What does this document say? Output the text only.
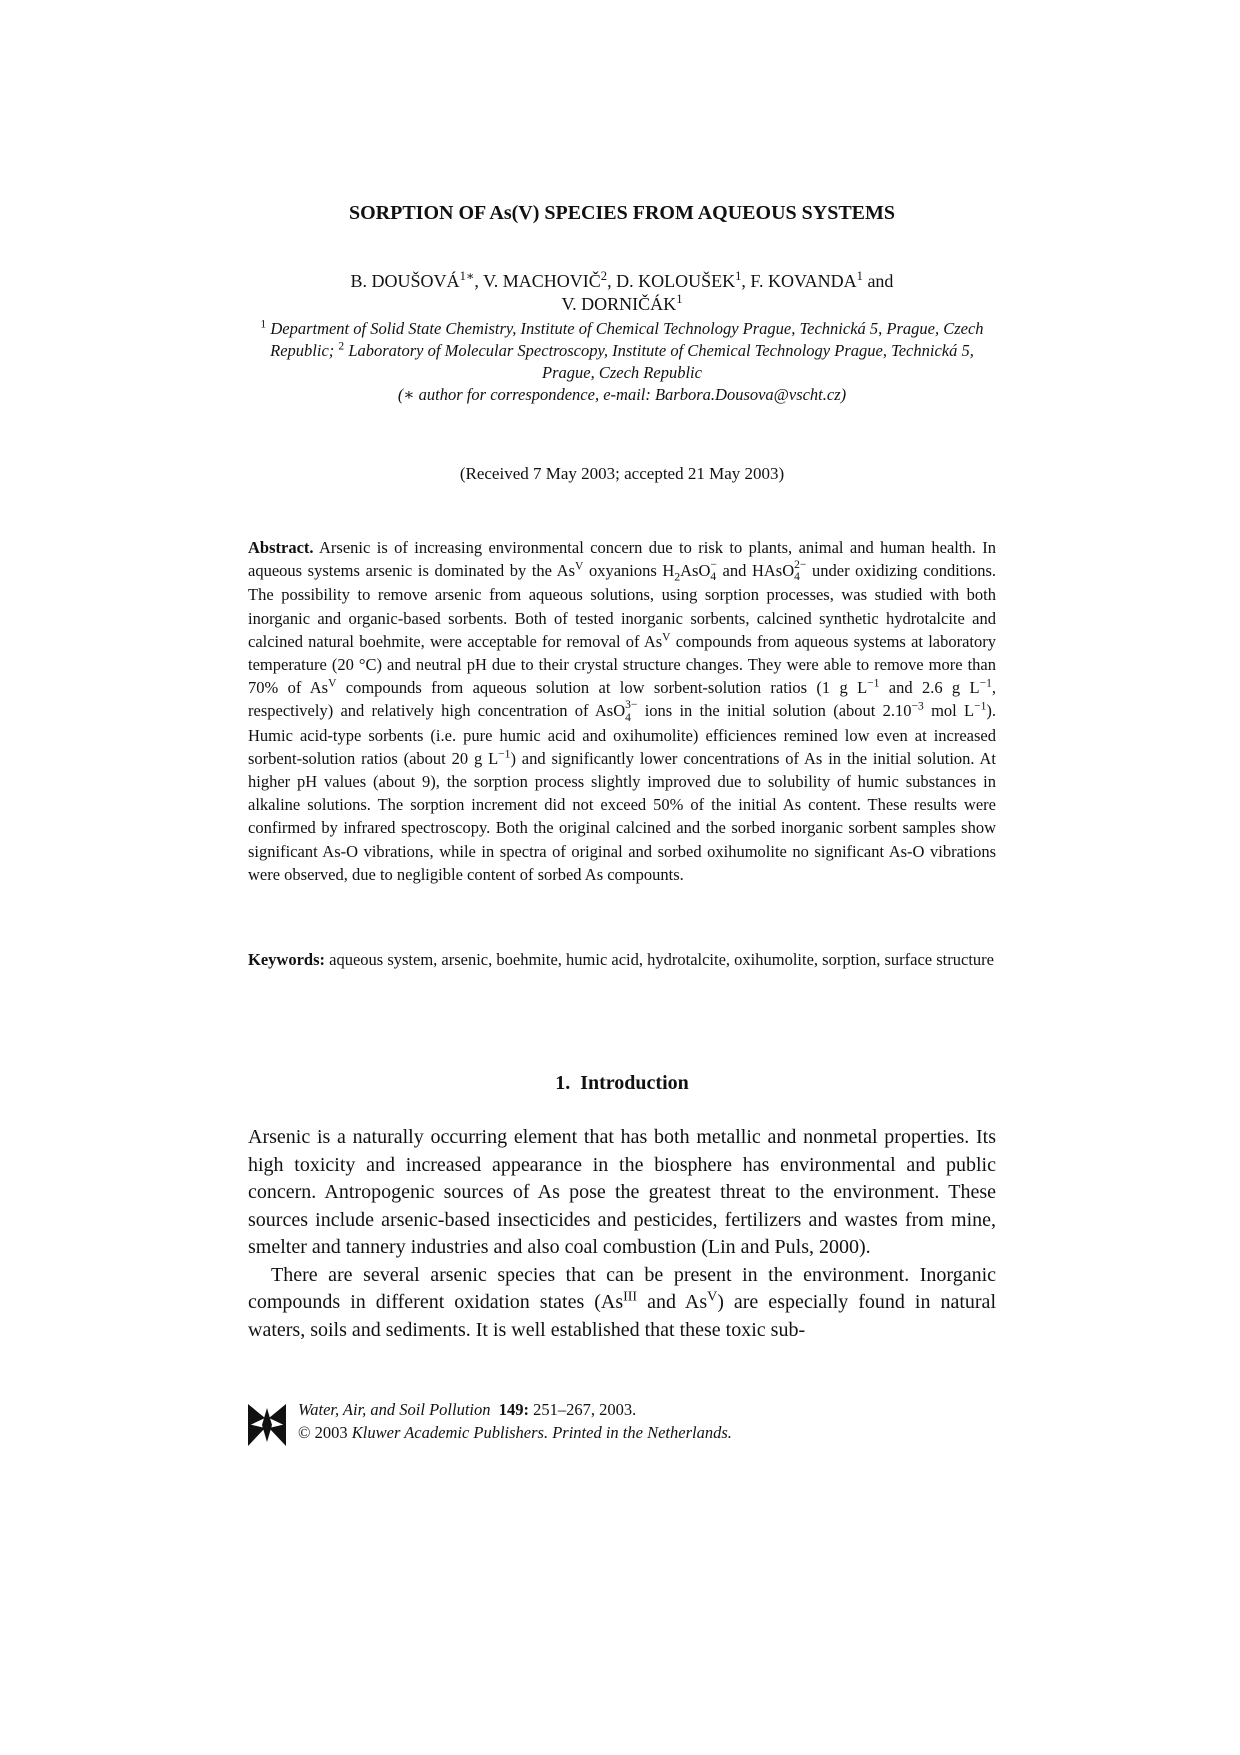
SORPTION OF As(V) SPECIES FROM AQUEOUS SYSTEMS
B. $DOUŠOVÁ^{1∗}$, V. MACHOVIČ$^2$, D. KOLOUŠEK$^1$, F. KOVANDA$^1$ and
V. DORNIČÁK$^1$
$^1$ Department of Solid State Chemistry, Institute of Chemical Technology Prague, Technická 5, Prague, Czech Republic; $^2$ Laboratory of Molecular Spectroscopy, Institute of Chemical Technology Prague, Technická 5, Prague, Czech Republic
(∗ author for correspondence, e-mail: Barbora.Dousova@vscht.cz)
(Received 7 May 2003; accepted 21 May 2003)
Abstract. Arsenic is of increasing environmental concern due to risk to plants, animal and human health. In aqueous systems arsenic is dominated by the $As^V$ oxyanions $H_2AsO$ −
4 and HAsO 2−
4 under oxidizing conditions. The possibility to remove arsenic from aqueous solutions, using sorption processes, was studied with both inorganic and organic-based sorbents. Both of tested inorganic sorbents, calcined synthetic hydrotalcite and calcined natural boehmite, were acceptable for removal of $As^V$ compounds from aqueous systems at laboratory temperature (20 °C) and neutral pH due to their crystal structure changes. They were able to remove more than 70% of $As^V$ compounds from aqueous solution at low sorbent-solution ratios (1 g $L^{-1}$ and 2.6 g $L^{-1}$, respectively) and relatively high concentration of AsO 3−
4 ions in the initial solution (about $2.10^{-3}$ mol $L^{-1}$). Humic acid-type sorbents (i.e. pure humic acid and oxihumolite) efficiences remined low even at increased sorbent-solution ratios (about 20 g $L^{-1}$) and significantly lower concentrations of As in the initial solution. At higher pH values (about 9), the sorption process slightly improved due to solubility of humic substances in alkaline solutions. The sorption increment did not exceed 50% of the initial As content. These results were confirmed by infrared spectroscopy. Both the original calcined and the sorbed inorganic sorbent samples show significant As-O vibrations, while in spectra of original and sorbed oxihumolite no significant As-O vibrations were observed, due to negligible content of sorbed As compounts.
Keywords: aqueous system, arsenic, boehmite, humic acid, hydrotalcite, oxihumolite, sorption, surface structure
1. Introduction

Arsenic is a naturally occurring element that has both metallic and nonmetal properties. Its high toxicity and increased appearance in the biosphere has environmental and public concern. Antropogenic sources of As pose the greatest threat to the environment. These sources include arsenic-based insecticides and pesticides, fertilizers and wastes from mine, smelter and tannery industries and also coal combustion (Lin and Puls, 2000).

There are several arsenic species that can be present in the environment. Inorganic compounds in different oxidation states ($As^{III}$ and $As^V$) are especially found in natural waters, soils and sediments. It is well established that these toxic sub-

Water, Air, and Soil Pollution 149: 251–267, 2003.
© 2003 Kluwer Academic Publishers. Printed in the Netherlands.
